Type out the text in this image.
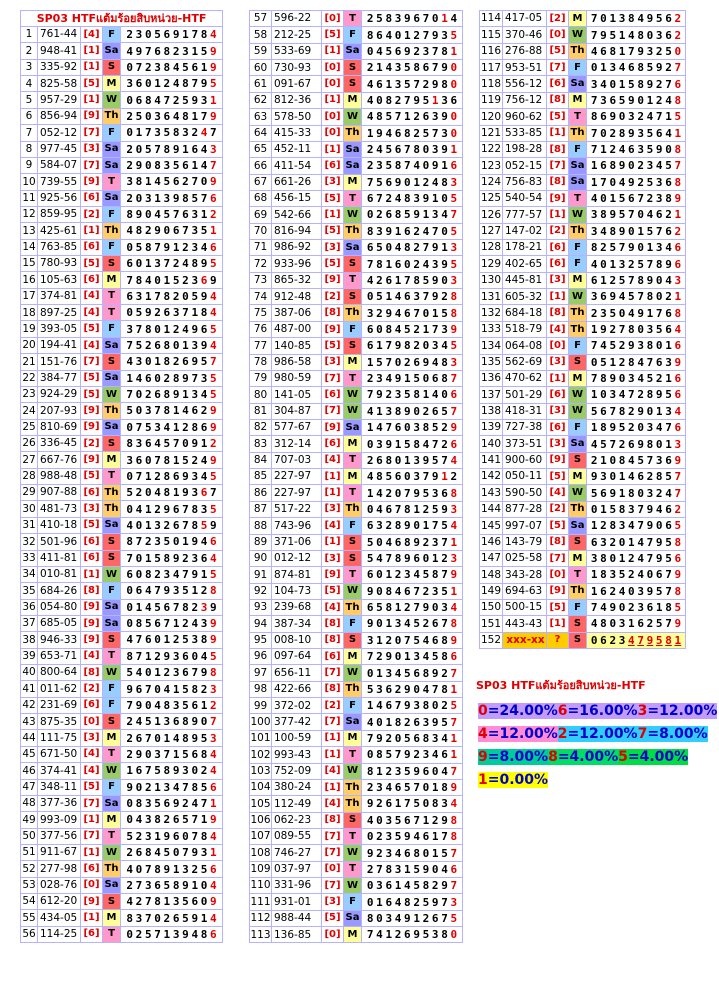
SP03 HTFแต้มร้อยสิบหน่วย-HTF				
1	761-44	[4]	F	2 3 0 5 6 9 1 7 8 4
2	948-41	[1]	Sa	4 9 7 6 8 2 3 1 5 9
3	335-92	[1]	S	0 7 2 3 8 4 5 6 1 9
4	825-58	[5]	M	3 6 0 1 2 4 8 7 9 5
5	957-29	[1]	W	0 6 8 4 7 2 5 9 3 1
6	856-94	[9]	Th	2 5 0 3 6 4 8 1 7 9
7	052-12	[7]	F	0 1 7 3 5 8 3 2 4 7
8	977-45	[3]	Sa	2 0 5 7 8 9 1 6 4 3
9	584-07	[7]	Sa	2 9 0 8 3 5 6 1 4 7
10	739-55	[9]	T	3 8 1 4 5 6 2 7 0 9
11	925-56	[6]	Sa	2 0 3 1 3 9 8 5 7 6
12	859-95	[2]	F	8 9 0 4 5 7 6 3 1 2
13	425-61	[1]	Th	4 8 2 9 0 6 7 3 5 1
14	763-85	[6]	F	0 5 8 7 9 1 2 3 4 6
15	780-93	[5]	S	6 0 1 3 7 2 4 8 9 5
16	105-63	[6]	M	7 8 4 0 1 5 2 3 6 9
17	374-81	[4]	T	6 3 1 7 8 2 0 5 9 4
18	897-25	[4]	T	0 5 9 2 6 3 7 1 8 4
19	393-05	[5]	F	3 7 8 0 1 2 4 9 6 5
20	194-41	[4]	Sa	7 5 2 6 8 0 1 3 9 4
21	151-76	[7]	S	4 3 0 1 8 2 6 9 5 7
22	384-77	[5]	Sa	1 4 6 0 2 8 9 7 3 5
23	924-29	[5]	W	7 0 2 6 8 9 1 3 4 5
24	207-93	[9]	Th	5 0 3 7 8 1 4 6 2 9
25	810-69	[9]	Sa	0 7 5 3 4 1 2 8 6 9
26	336-45	[2]	S	8 3 6 4 5 7 0 9 1 2
27	667-76	[9]	M	3 6 0 7 8 1 5 2 4 9
28	988-48	[5]	T	0 7 1 2 8 6 9 3 4 5
29	907-88	[6]	Th	5 2 0 4 8 1 9 3 6 7
30	481-73	[3]	Th	0 4 1 2 9 6 7 8 3 5
31	410-18	[5]	Sa	4 0 1 3 2 6 7 8 5 9
32	501-96	[6]	S	8 7 2 3 5 0 1 9 4 6
33	411-81	[6]	S	7 0 1 5 8 9 2 3 6 4
34	010-81	[1]	W	6 0 8 2 3 4 7 9 1 5
35	684-26	[8]	F	0 6 4 7 9 3 5 1 2 8
36	054-80	[9]	Sa	0 1 4 5 6 7 8 2 3 9
37	685-05	[9]	Sa	0 8 5 6 7 1 2 4 3 9
38	946-33	[9]	S	4 7 6 0 1 2 5 3 8 9
39	653-71	[4]	T	8 7 1 2 9 3 6 0 4 5
40	800-64	[8]	W	5 4 0 1 2 3 6 7 9 8
41	011-62	[2]	F	9 6 7 0 4 1 5 8 2 3
42	231-69	[6]	F	7 9 0 4 8 3 5 6 1 2
43	875-35	[0]	S	2 4 5 1 3 6 8 9 0 7
44	111-75	[3]	M	2 6 7 0 1 4 8 9 5 3
45	671-50	[4]	T	2 9 0 3 7 1 5 6 8 4
46	374-41	[4]	W	1 6 7 5 8 9 3 0 2 4
47	348-11	[5]	F	9 0 2 1 3 4 7 8 5 6
48	377-36	[7]	Sa	0 8 3 5 6 9 2 4 7 1
49	993-09	[1]	M	0 4 3 8 2 6 5 7 1 9
50	377-56	[7]	T	5 2 3 1 9 6 0 7 8 4
51	911-67	[1]	W	2 6 8 4 5 0 7 9 3 1
52	277-98	[6]	Th	4 0 7 8 9 1 3 2 5 6
53	028-76	[0]	Sa	2 7 3 6 5 8 9 1 0 4
54	612-20	[9]	S	4 2 7 8 1 3 5 6 0 9
55	434-05	[1]	M	8 3 7 0 2 6 5 9 1 4
56	114-25	[6]	T	0 2 5 7 1 3 9 4 8 6
57	596-22	[0]	T	2 5 8 3 9 6 7 0 1 4
58	212-25	[5]	F	8 6 4 0 1 2 7 9 3 5
59	533-69	[1]	Sa	0 4 5 6 9 2 3 7 8 1
60	730-93	[0]	S	2 1 4 3 5 8 6 7 9 0
61	091-67	[0]	S	4 6 1 3 5 7 2 9 8 0
62	812-36	[1]	M	4 0 8 2 7 9 5 1 3 6
63	578-50	[0]	W	4 8 5 7 1 2 6 3 9 0
64	415-33	[0]	Th	1 9 4 6 8 2 5 7 3 0
65	452-11	[1]	Sa	2 4 5 6 7 8 0 3 9 1
66	411-54	[6]	Sa	2 3 5 8 7 4 0 9 1 6
67	661-26	[3]	M	7 5 6 9 0 1 2 4 8 3
68	456-15	[5]	T	6 7 2 4 8 3 9 1 0 5
69	542-66	[1]	W	0 2 6 8 5 9 1 3 4 7
70	816-94	[5]	Th	8 3 9 1 6 2 4 7 0 5
71	986-92	[3]	Sa	6 5 0 4 8 2 7 9 1 3
72	933-96	[5]	S	7 8 1 6 0 2 4 3 9 5
73	865-32	[9]	T	4 2 6 1 7 8 5 9 0 3
74	912-48	[2]	S	0 5 1 4 6 3 7 9 2 8
75	387-06	[8]	Th	3 2 9 4 6 7 0 1 5 8
76	487-00	[9]	F	6 0 8 4 5 2 1 7 3 9
77	140-85	[5]	S	6 1 7 9 8 2 0 3 4 5
78	986-58	[3]	M	1 5 7 0 2 6 9 4 8 3
79	980-59	[7]	T	2 3 4 9 1 5 0 6 8 7
80	141-05	[6]	W	7 9 2 3 5 8 1 4 0 6
81	304-87	[7]	W	4 1 3 8 9 0 2 6 5 7
82	577-67	[9]	Sa	1 4 7 6 0 3 8 5 2 9
83	312-14	[6]	M	0 3 9 1 5 8 4 7 2 6
84	707-03	[4]	T	2 6 8 0 1 3 9 5 7 4
85	227-97	[1]	M	4 8 5 6 0 3 7 9 1 2
86	227-97	[1]	T	1 4 2 0 7 9 5 3 6 8
87	517-22	[3]	Th	0 4 6 7 8 1 2 5 9 3
88	743-96	[4]	F	6 3 2 8 9 0 1 7 5 4
89	371-06	[1]	S	5 0 4 6 8 9 2 3 7 1
90	012-12	[3]	S	5 4 7 8 9 6 0 1 2 3
91	874-81	[9]	T	6 0 1 2 3 4 5 8 7 9
92	104-73	[5]	W	9 0 8 4 6 7 2 3 5 1
93	239-68	[4]	Th	6 5 8 1 2 7 9 0 3 4
94	387-34	[8]	F	9 0 1 3 4 5 2 6 7 8
95	008-10	[8]	S	3 1 2 0 7 5 4 6 8 9
96	097-64	[6]	M	7 2 9 0 1 3 4 5 8 6
97	656-11	[7]	W	0 1 3 4 5 6 8 9 2 7
98	422-66	[8]	Th	5 3 6 2 9 0 4 7 8 1
99	372-02	[2]	F	1 4 6 7 9 3 8 0 2 5
100	377-42	[7]	Sa	4 0 1 8 2 6 3 9 5 7
101	100-59	[1]	M	7 9 2 0 5 6 8 3 4 1
102	993-43	[1]	T	0 8 5 7 9 2 3 4 6 1
103	752-09	[4]	W	8 1 2 3 5 9 6 0 4 7
104	380-24	[1]	Th	2 3 4 6 5 7 0 1 8 9
105	112-49	[4]	Th	9 2 6 1 7 5 0 8 3 4
106	062-23	[8]	S	4 0 3 5 6 7 1 2 9 8
107	089-55	[7]	T	0 2 3 5 9 4 6 1 7 8
108	746-27	[7]	W	9 2 3 4 6 8 0 1 5 7
109	037-97	[0]	T	2 7 8 3 1 5 9 0 4 6
110	331-96	[7]	W	0 3 6 1 4 5 8 2 9 7
111	931-01	[3]	F	0 1 6 4 8 2 5 9 7 3
112	988-44	[5]	Sa	8 0 3 4 9 1 2 6 7 5
113	136-85	[0]	M	7 4 1 2 6 9 5 3 8 0
114	417-05	[2]	M	7 0 1 3 8 4 9 5 6 2
115	370-46	[0]	W	7 9 5 1 4 8 0 3 6 2
116	276-88	[5]	Th	4 6 8 1 7 9 3 2 5 0
117	953-51	[7]	F	0 1 3 4 6 8 5 9 2 7
118	556-12	[6]	Sa	3 4 0 1 5 8 9 2 7 6
119	756-12	[8]	M	7 3 6 5 9 0 1 2 4 8
120	960-62	[5]	T	8 6 9 0 3 2 4 7 1 5
121	533-85	[1]	Th	7 0 2 8 9 3 5 6 4 1
122	198-28	[8]	F	7 1 2 4 6 3 5 9 0 8
123	052-15	[7]	Sa	1 6 8 9 0 2 3 4 5 7
124	756-83	[8]	Sa	1 7 0 4 9 2 5 3 6 8
125	540-54	[9]	T	4 0 1 5 6 7 2 3 8 9
126	777-57	[1]	W	3 8 9 5 7 0 4 6 2 1
127	147-02	[2]	Th	3 4 8 9 0 1 5 7 6 2
128	178-21	[6]	F	8 2 5 7 9 0 1 3 4 6
129	402-65	[6]	F	4 0 1 3 2 5 7 8 9 6
130	445-81	[3]	M	6 1 2 5 7 8 9 0 4 3
131	605-32	[1]	W	3 6 9 4 5 7 8 0 2 1
132	684-18	[8]	Th	2 3 5 0 4 9 1 7 6 8
133	518-79	[4]	Th	1 9 2 7 8 0 3 5 6 4
134	064-08	[0]	F	7 4 5 2 9 3 8 0 1 6
135	562-69	[3]	S	0 5 1 2 8 4 7 6 3 9
136	470-62	[1]	M	7 8 9 0 3 4 5 2 1 6
137	501-29	[6]	W	1 0 3 4 7 2 8 9 5 6
138	418-31	[3]	W	5 6 7 8 2 9 0 1 3 4
139	727-38	[6]	F	1 8 9 5 2 0 3 4 7 6
140	373-51	[3]	Sa	4 5 7 2 6 9 8 0 1 3
141	900-60	[9]	S	2 1 0 8 4 5 7 3 6 9
142	050-11	[5]	M	9 3 0 1 4 6 2 8 5 7
143	590-50	[4]	W	5 6 9 1 8 0 3 2 4 7
144	877-28	[2]	Th	0 1 5 8 3 7 9 4 6 2
145	997-07	[5]	Sa	1 2 8 3 4 7 9 0 6 5
146	143-79	[8]	S	6 3 2 0 1 4 7 9 5 8
147	025-58	[7]	M	3 8 0 1 2 4 7 9 5 6
148	343-28	[0]	T	1 8 3 5 2 4 0 6 7 9
149	694-63	[9]	Th	1 6 2 4 0 3 9 5 7 8
150	500-15	[5]	F	7 4 9 0 2 3 6 1 8 5
151	443-43	[1]	S	4 8 0 3 1 6 2 5 7 9
152	xxx-xx	?	S	0 6 2 3 4 7 9 5 8 1
SP03 HTFแต้มร้อยสิบหน่วย-HTF
0=24.00%6=16.00%3=12.00%
4=12.00%2=12.00%7=8.00%
9=8.00%8=4.00%5=4.00%
1=0.00%
